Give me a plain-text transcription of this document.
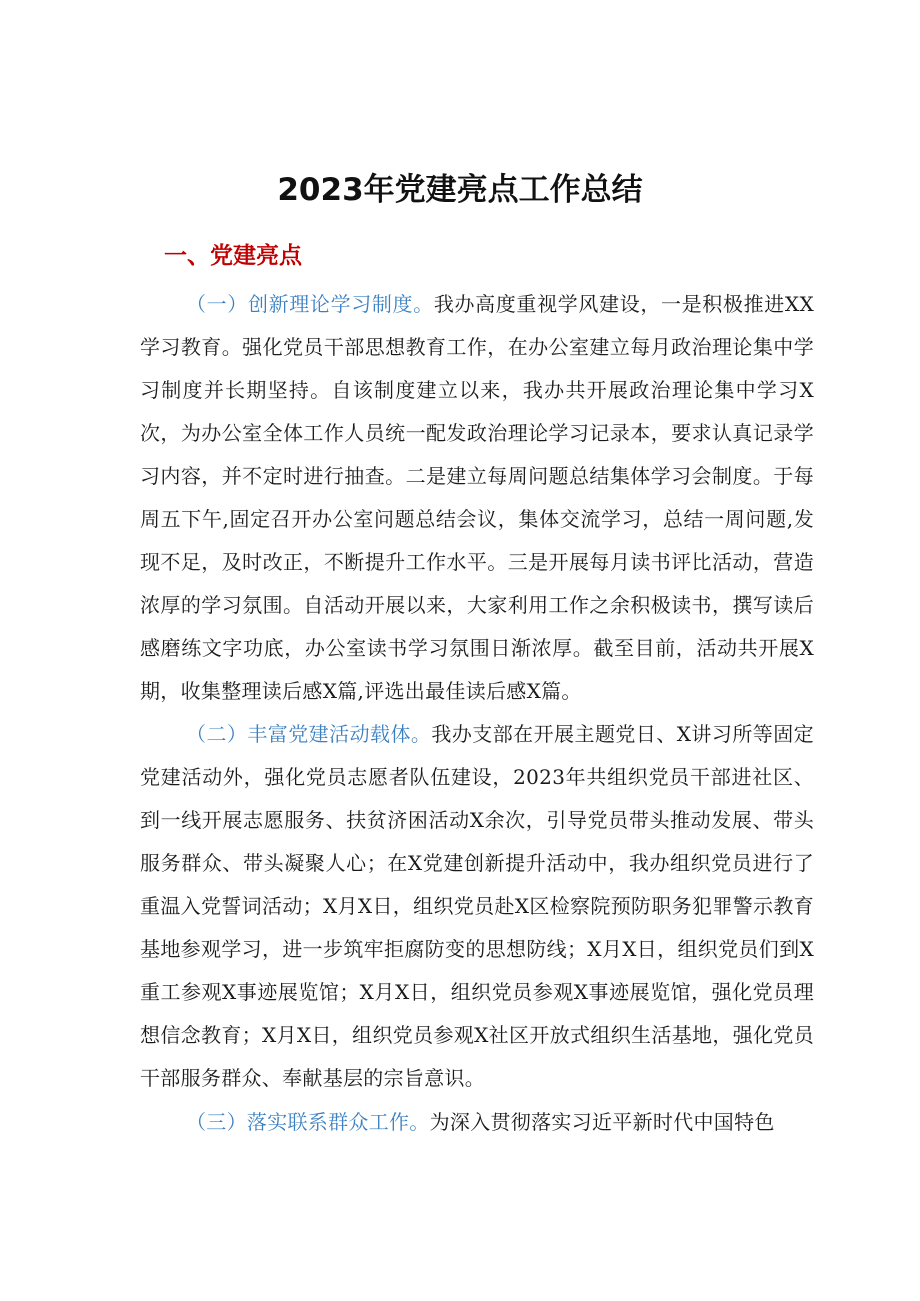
2023年党建亮点工作总结
一、党建亮点

（一）创新理论学习制度。我办高度重视学风建设，一是积极推进XX学习教育。强化党员干部思想教育工作，在办公室建立每月政治理论集中学习制度并长期坚持。自该制度建立以来，我办共开展政治理论集中学习X次，为办公室全体工作人员统一配发政治理论学习记录本，要求认真记录学习内容，并不定时进行抽查。二是建立每周问题总结集体学习会制度。于每周五下午,固定召开办公室问题总结会议，集体交流学习，总结一周问题,发现不足，及时改正，不断提升工作水平。三是开展每月读书评比活动，营造浓厚的学习氛围。自活动开展以来，大家利用工作之余积极读书，撰写读后感磨练文字功底，办公室读书学习氛围日渐浓厚。截至目前，活动共开展X期，收集整理读后感X篇,评选出最佳读后感X篇。

（二）丰富党建活动载体。我办支部在开展主题党日、X讲习所等固定党建活动外，强化党员志愿者队伍建设，2023年共组织党员干部进社区、到一线开展志愿服务、扶贫济困活动X余次，引导党员带头推动发展、带头服务群众、带头凝聚人心；在X党建创新提升活动中，我办组织党员进行了重温入党誓词活动；X月X日，组织党员赴X区检察院预防职务犯罪警示教育基地参观学习，进一步筑牢拒腐防变的思想防线；X月X日，组织党员们到X重工参观X事迹展览馆；X月X日，组织党员参观X事迹展览馆，强化党员理想信念教育；X月X日，组织党员参观X社区开放式组织生活基地，强化党员干部服务群众、奉献基层的宗旨意识。

（三）落实联系群众工作。为深入贯彻落实习近平新时代中国特色
